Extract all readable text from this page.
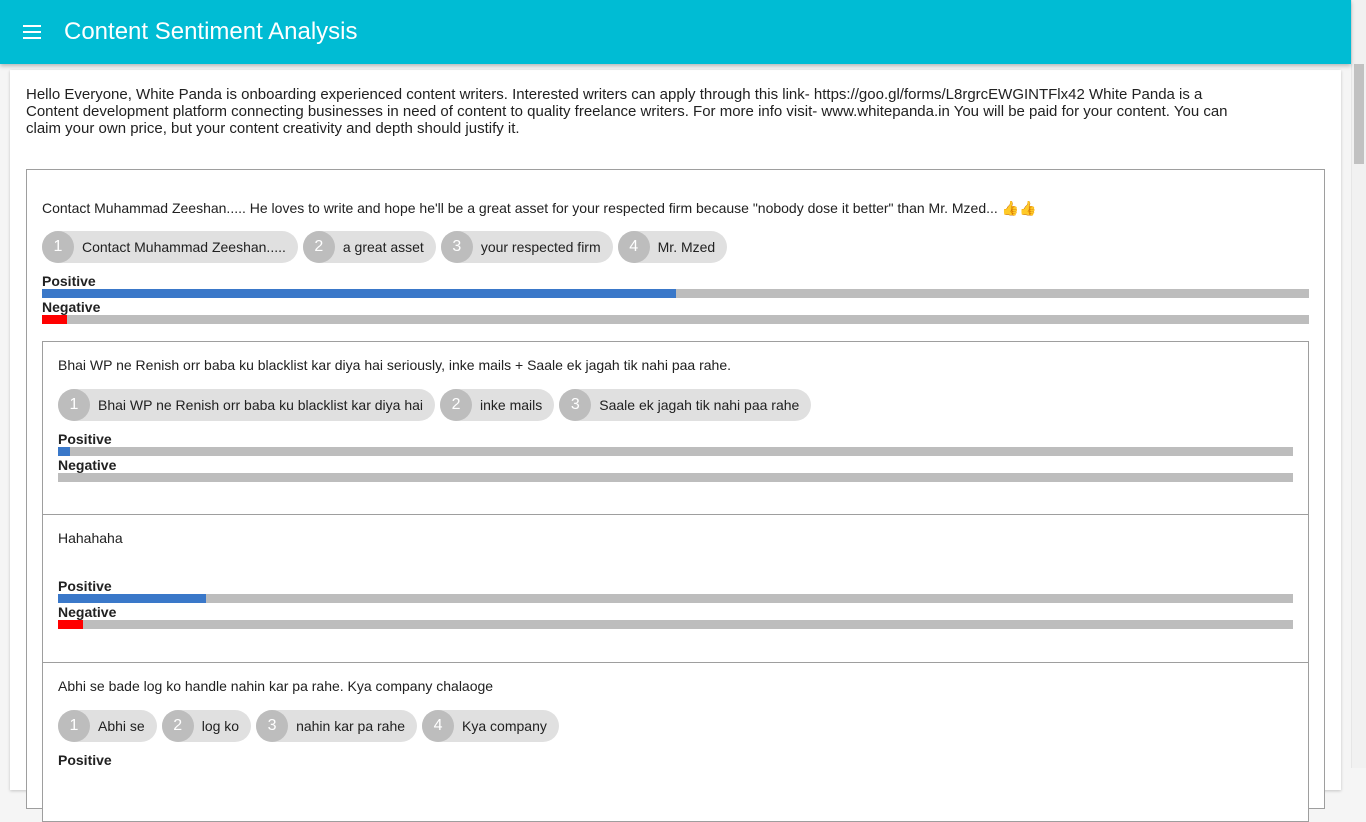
Content Sentiment Analysis

Hello Everyone, White Panda is onboarding experienced content writers. Interested writers can apply through this link- https://goo.gl/forms/L8rgrcEWGINTFlx42 White Panda is a Content development platform connecting businesses in need of content to quality freelance writers. For more info visit- www.whitepanda.in You will be paid for your content. You can claim your own price, but your content creativity and depth should justify it.

Contact Muhammad Zeeshan..... He loves to write and hope he'll be a great asset for your respected firm because "nobody dose it better" than Mr. Mzed... 👍👍

1	Contact Muhammad Zeeshan.....	2	a great asset	3	your respected firm	4	Mr. Mzed
Positive
Negative

Bhai WP ne Renish orr baba ku blacklist kar diya hai seriously, inke mails + Saale ek jagah tik nahi paa rahe.

1	Bhai WP ne Renish orr baba ku blacklist kar diya hai	2	inke mails	3	Saale ek jagah tik nahi paa rahe
Positive
Negative

Hahahaha

Positive
Negative

Abhi se bade log ko handle nahin kar pa rahe. Kya company chalaoge

1	Abhi se	2	log ko	3	nahin kar pa rahe	4	Kya company
Positive
